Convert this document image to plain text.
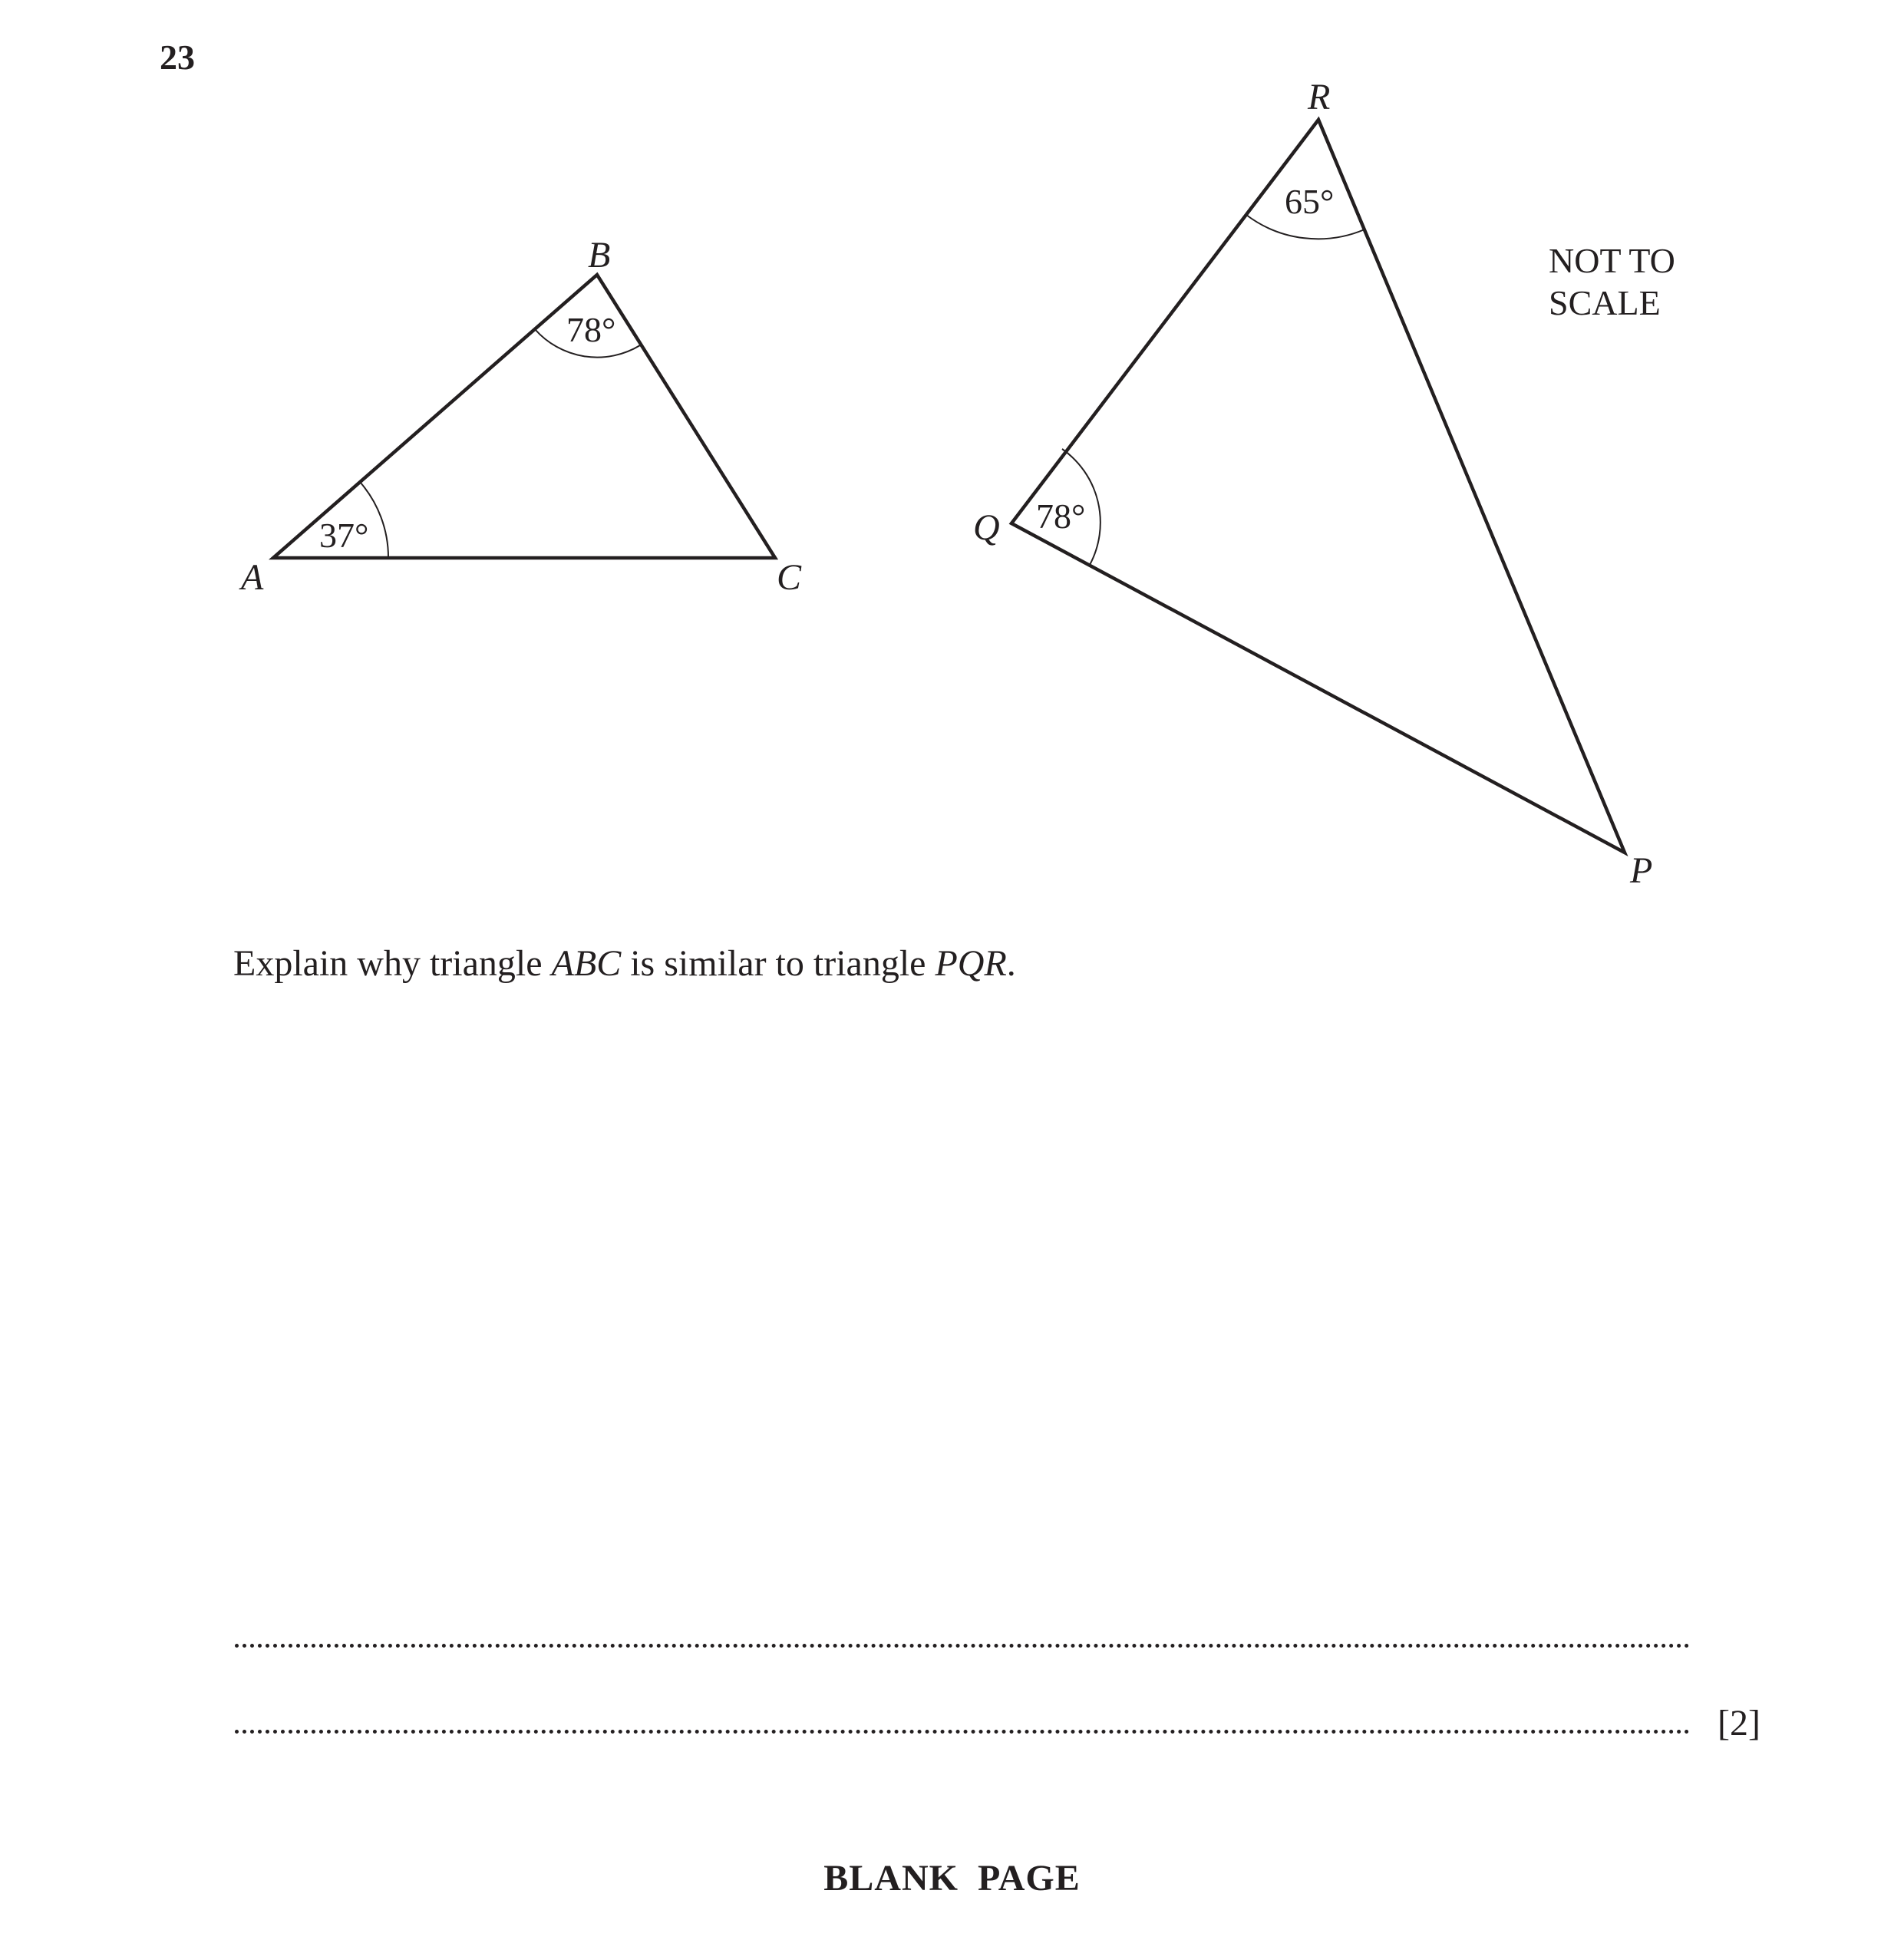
23
A
B
C
37°
78°
Q
R
P
78°
65°
NOT TO
SCALE
Explain why triangle ABC is similar to triangle PQR.
[2]
BLANK PAGE
